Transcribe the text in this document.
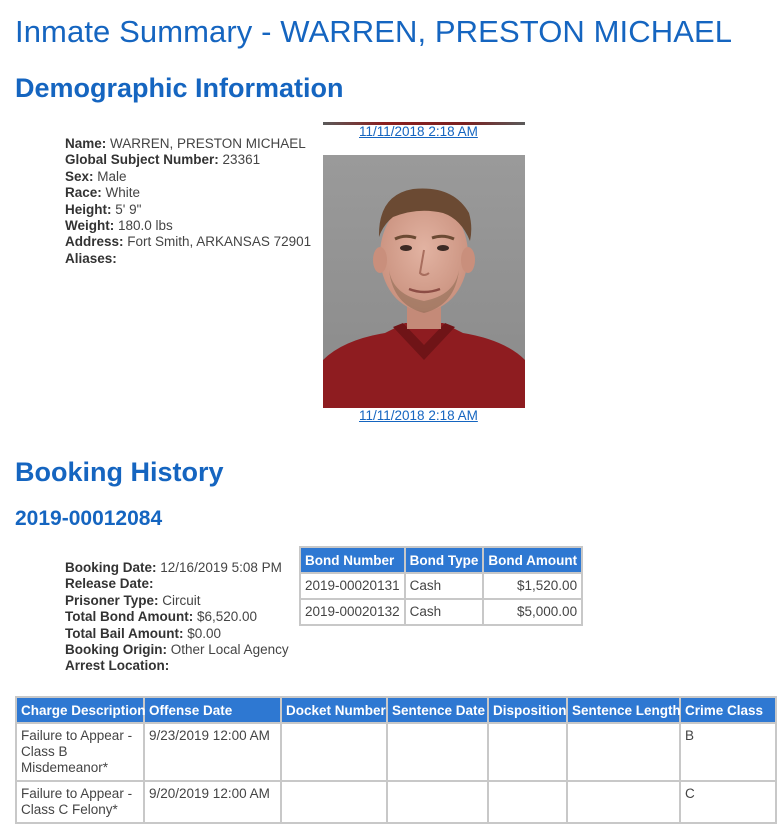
Inmate Summary - WARREN, PRESTON MICHAEL
Demographic Information
Name: WARREN, PRESTON MICHAEL
Global Subject Number: 23361
Sex: Male
Race: White
Height: 5' 9"
Weight: 180.0 lbs
Address: Fort Smith, ARKANSAS 72901
Aliases:
11/11/2018 2:18 AM
11/11/2018 2:18 AM
Booking History
2019-00012084
Booking Date: 12/16/2019 5:08 PM
Release Date:
Prisoner Type: Circuit
Total Bond Amount: $6,520.00
Total Bail Amount: $0.00
Booking Origin: Other Local Agency
Arrest Location:
Bond Number	Bond Type	Bond Amount
2019-00020131	Cash	$1,520.00
2019-00020132	Cash	$5,000.00
Charge Description	Offense Date	Docket Number	Sentence Date	Disposition	Sentence Length	Crime Class
Failure to Appear - Class B Misdemeanor*	9/23/2019 12:00 AM					B
Failure to Appear - Class C Felony*	9/20/2019 12:00 AM					C
